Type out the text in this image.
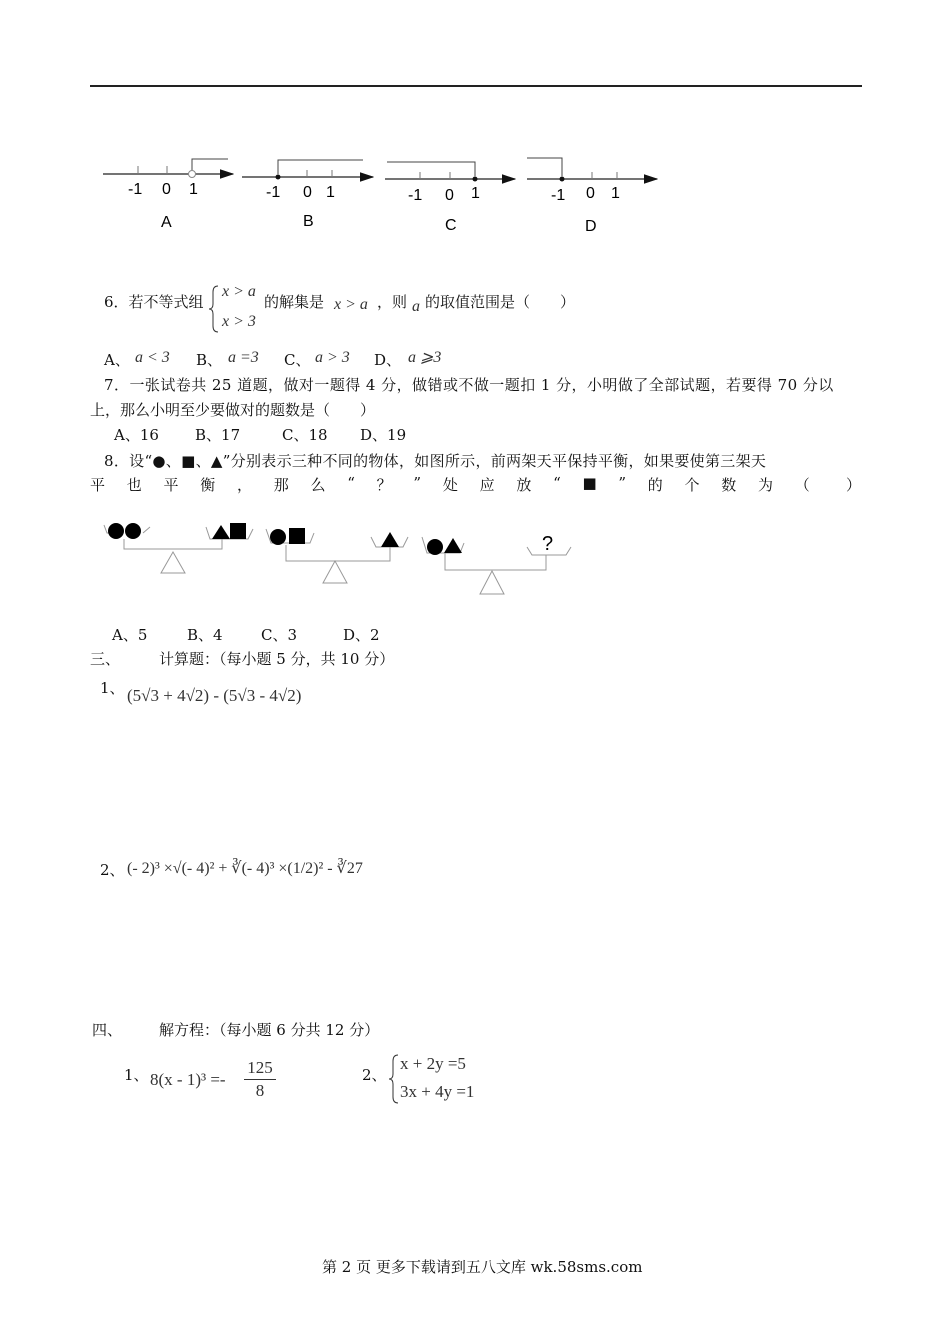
-1 0 1
A
-1 0 1
B
-1 0 1
C
-1 0 1
D
6．若不等式组
x > a
x > 3
的解集是 x > a ，则 a 的取值范围是（　　）
A、 a < 3 B、 a =3 C、 a > 3 D、 a ⩾3
7．一张试卷共 25 道题，做对一题得 4 分，做错或不做一题扣 1 分，小明做了全部试题，若要得 70 分以
上，那么小明至少要做对的题数是（　　）
A、16 B、17	C、18 D、19
8．设“●、■、▲”分别表示三种不同的物体，如图所示，前两架天平保持平衡，如果要使第三架天
平 也 平 衡 ， 那 么 “ ？ ” 处 应 放 “ ■ ” 的 个 数 为 （ ）
?
A、5	B、4	C、3	D、2
三、	计算题：（每小题 5 分，共 10 分）
1、 (5√3 + 4√2) - (5√3 - 4√2)
2、 (- 2)³ ×√(- 4)² + ∛(- 4)³ ×(1/2)² - ∛27
四、 解方程：（每小题 6 分共 12 分）
1、 $8(x - 1)^3 =- \frac{125}{8}$	2、
x + 2y =5
3x + 4y =1
第 2 页 更多下载请到五八文库 wk.58sms.com
